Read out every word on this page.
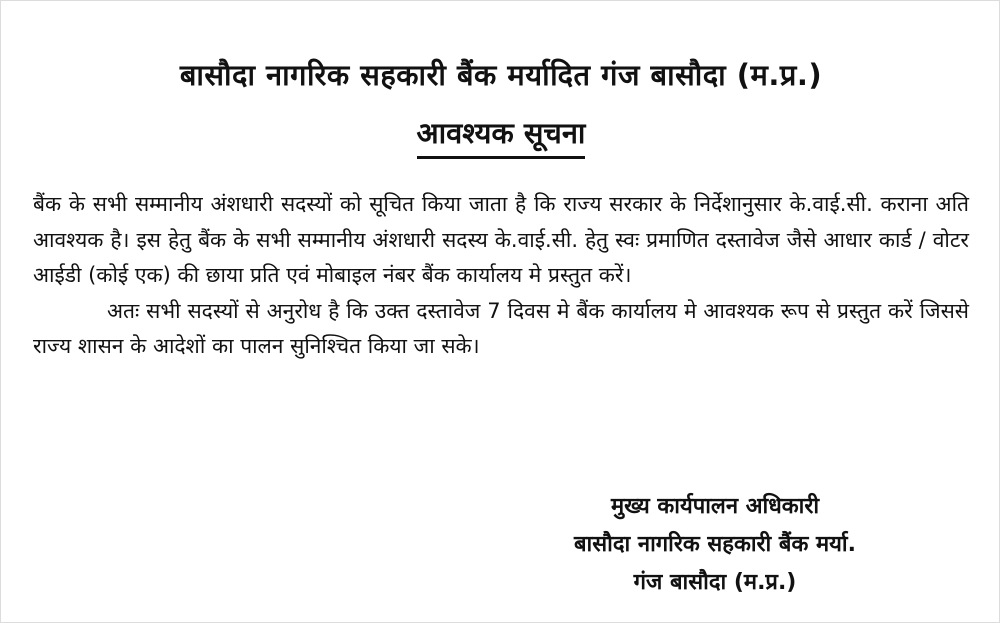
बासौदा नागरिक सहकारी बैंक मर्यादित गंज बासौदा (म.प्र.)
आवश्यक सूचना

बैंक के सभी सम्मानीय अंशधारी सदस्यों को सूचित किया जाता है कि राज्य सरकार के निर्देशानुसार के.वाई.सी. कराना अति आवश्यक है। इस हेतु बैंक के सभी सम्मानीय अंशधारी सदस्य के.वाई.सी. हेतु स्वः प्रमाणित दस्तावेज जैसे आधार कार्ड / वोटर आईडी (कोई एक) की छाया प्रति एवं मोबाइल नंबर बैंक कार्यालय मे प्रस्तुत करें।

अतः सभी सदस्यों से अनुरोध है कि उक्त दस्तावेज 7 दिवस मे बैंक कार्यालय मे आवश्यक रूप से प्रस्तुत करें जिससे राज्य शासन के आदेशों का पालन सुनिश्चित किया जा सके।

मुख्य कार्यपालन अधिकारी
बासौदा नागरिक सहकारी बैंक मर्या.
गंज बासौदा (म.प्र.)
